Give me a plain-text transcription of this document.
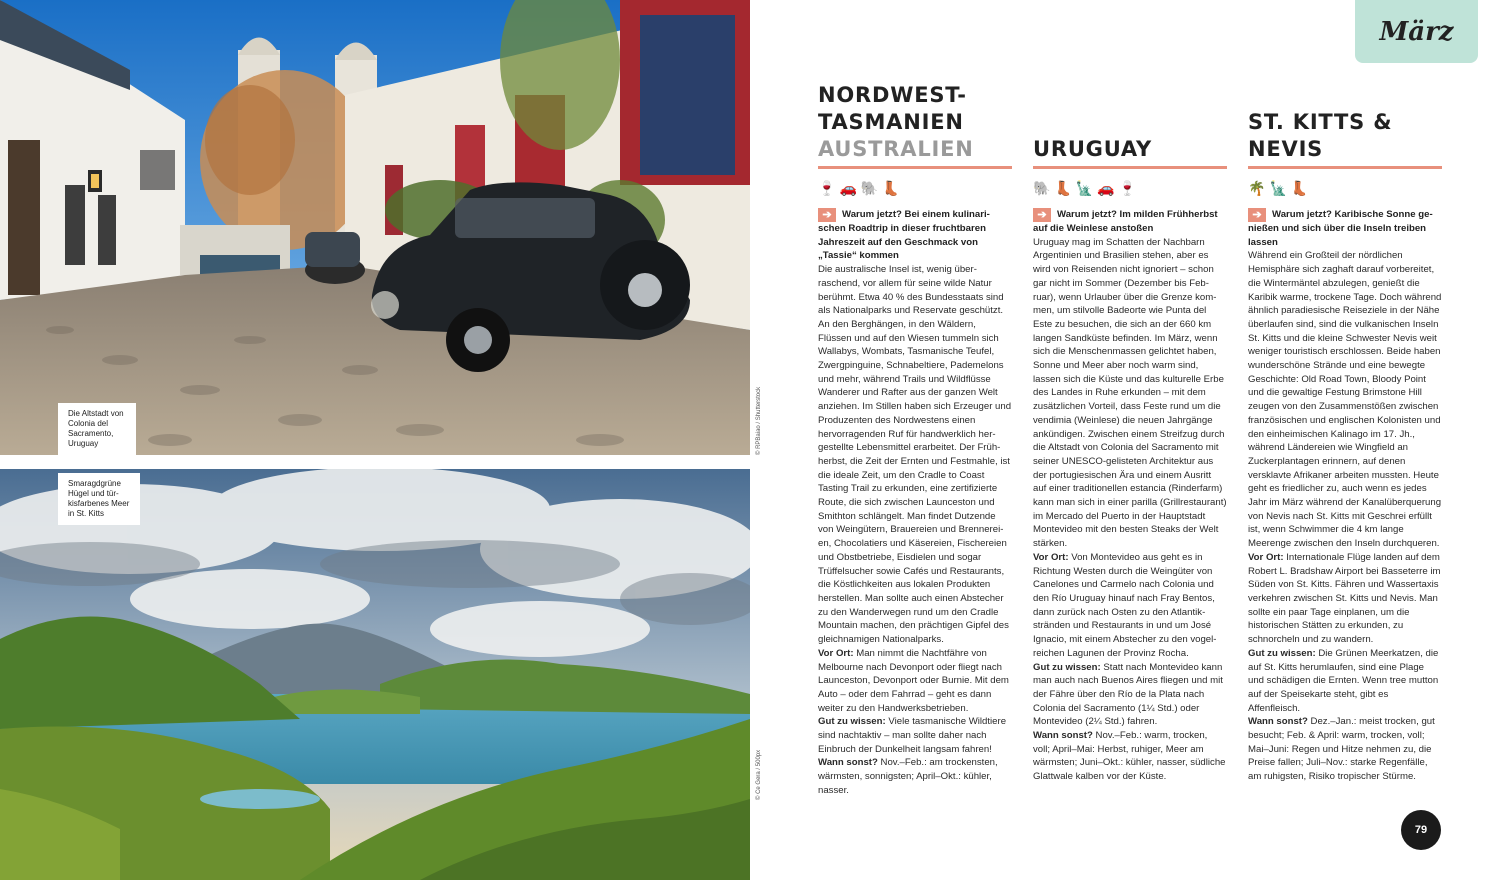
Die Altstadt von Colonia del Sacramento, Uruguay	© RPBaiao / Shutterstock
Smaragdgrüne Hügel und türkisfarbenes Meer in St. Kitts
© Ce Gera / 500px
März
NORDWEST-TASMANIEN
AUSTRALIEN
🍷 🚗 🐘 👢
➔ Warum jetzt? Bei einem kulinarischen Roadtrip in dieser fruchtbaren Jahreszeit auf den Geschmack von „Tassie“ kommen

Die australische Insel ist, wenig überraschend, vor allem für seine wilde Natur berühmt. Etwa 40 % des Bundesstaats sind als Nationalparks und Reservate geschützt. An den Berghängen, in den Wäldern, Flüssen und auf den Wiesen tummeln sich Wallabys, Wombats, Tasmanische Teufel, Zwergpinguine, Schnabeltiere, Pademelons und mehr, während Trails und Wildflüsse Wanderer und Rafter aus der ganzen Welt anziehen. Im Stillen haben sich Erzeuger und Produzenten des Nordwestens einen hervorragenden Ruf für handwerklich hergestellte Lebensmittel erarbeitet. Der Frühherbst, die Zeit der Ernten und Festmahle, ist die ideale Zeit, um den Cradle to Coast Tasting Trail zu erkunden, eine zertifizierte Route, die sich zwischen Launceston und Smithton schlängelt. Man findet Dutzende von Weingütern, Brauereien und Brennereien, Chocolatiers und Käsereien, Fischereien und Obstbetriebe, Eisdielen und sogar Trüffelsucher sowie Cafés und Restaurants, die Köstlichkeiten aus lokalen Produkten herstellen. Man sollte auch einen Abstecher zu den Wanderwegen rund um den Cradle Mountain machen, den prächtigen Gipfel des gleichnamigen Nationalparks.

Vor Ort: Man nimmt die Nachtfähre von Melbourne nach Devonport oder fliegt nach Launceston, Devonport oder Burnie. Mit dem Auto – oder dem Fahrrad – geht es dann weiter zu den Handwerksbetrieben.

Gut zu wissen: Viele tasmanische Wildtiere sind nachtaktiv – man sollte daher nach Einbruch der Dunkelheit langsam fahren!

Wann sonst? Nov.–Feb.: am trockensten, wärmsten, sonnigsten; April–Okt.: kühler, nasser.

URUGUAY
🐘 👢 🗽 🚗 🍷
➔ Warum jetzt? Im milden Frühherbst auf die Weinlese anstoßen

Uruguay mag im Schatten der Nachbarn Argentinien und Brasilien stehen, aber es wird von Reisenden nicht ignoriert – schon gar nicht im Sommer (Dezember bis Februar), wenn Urlauber über die Grenze kommen, um stilvolle Badeorte wie Punta del Este zu besuchen, die sich an der 660 km langen Sandküste befinden. Im März, wenn sich die Menschenmassen gelichtet haben, Sonne und Meer aber noch warm sind, lassen sich die Küste und das kulturelle Erbe des Landes in Ruhe erkunden – mit dem zusätzlichen Vorteil, dass Feste rund um die vendimia (Weinlese) die neuen Jahrgänge ankündigen. Zwischen einem Streifzug durch die Altstadt von Colonia del Sacramento mit seiner UNESCO-gelisteten Architektur aus der portugiesischen Ära und einem Ausritt auf einer traditionellen estancia (Rinderfarm) kann man sich in einer parilla (Grillrestaurant) im Mercado del Puerto in der Hauptstadt Montevideo mit den besten Steaks der Welt stärken.

Vor Ort: Von Montevideo aus geht es in Richtung Westen durch die Weingüter von Canelones und Carmelo nach Colonia und den Río Uruguay hinauf nach Fray Bentos, dann zurück nach Osten zu den Atlantikstränden und Restaurants in und um José Ignacio, mit einem Abstecher zu den vogelreichen Lagunen der Provinz Rocha.

Gut zu wissen: Statt nach Montevideo kann man auch nach Buenos Aires fliegen und mit der Fähre über den Río de la Plata nach Colonia del Sacramento (1¼ Std.) oder Montevideo (2¼ Std.) fahren.

Wann sonst? Nov.–Feb.: warm, trocken, voll; April–Mai: Herbst, ruhiger, Meer am wärmsten; Juni–Okt.: kühler, nasser, südliche Glattwale kalben vor der Küste.

ST. KITTS & NEVIS
🌴 🗽 👢
➔ Warum jetzt? Karibische Sonne genießen und sich über die Inseln treiben lassen

Während ein Großteil der nördlichen Hemisphäre sich zaghaft darauf vorbereitet, die Wintermäntel abzulegen, genießt die Karibik warme, trockene Tage. Doch während ähnlich paradiesische Reiseziele in der Nähe überlaufen sind, sind die vulkanischen Inseln St. Kitts und die kleine Schwester Nevis weit weniger touristisch erschlossen. Beide haben wunderschöne Strände und eine bewegte Geschichte: Old Road Town, Bloody Point und die gewaltige Festung Brimstone Hill zeugen von den Zusammenstößen zwischen französischen und englischen Kolonisten und den einheimischen Kalinago im 17. Jh., während Ländereien wie Wingfield an Zuckerplantagen erinnern, auf denen versklavte Afrikaner arbeiten mussten. Heute geht es friedlicher zu, auch wenn es jedes Jahr im März während der Kanalüberquerung von Nevis nach St. Kitts mit Geschrei erfüllt ist, wenn Schwimmer die 4 km lange Meerenge zwischen den Inseln durchqueren.

Vor Ort: Internationale Flüge landen auf dem Robert L. Bradshaw Airport bei Basseterre im Süden von St. Kitts. Fähren und Wassertaxis verkehren zwischen St. Kitts und Nevis. Man sollte ein paar Tage einplanen, um die historischen Stätten zu erkunden, zu schnorcheln und zu wandern.

Gut zu wissen: Die Grünen Meerkatzen, die auf St. Kitts herumlaufen, sind eine Plage und schädigen die Ernten. Wenn tree mutton auf der Speisekarte steht, gibt es Affenfleisch.

Wann sonst? Dez.–Jan.: meist trocken, gut besucht; Feb. & April: warm, trocken, voll; Mai–Juni: Regen und Hitze nehmen zu, die Preise fallen; Juli–Nov.: starke Regenfälle, am ruhigsten, Risiko tropischer Stürme.

79
